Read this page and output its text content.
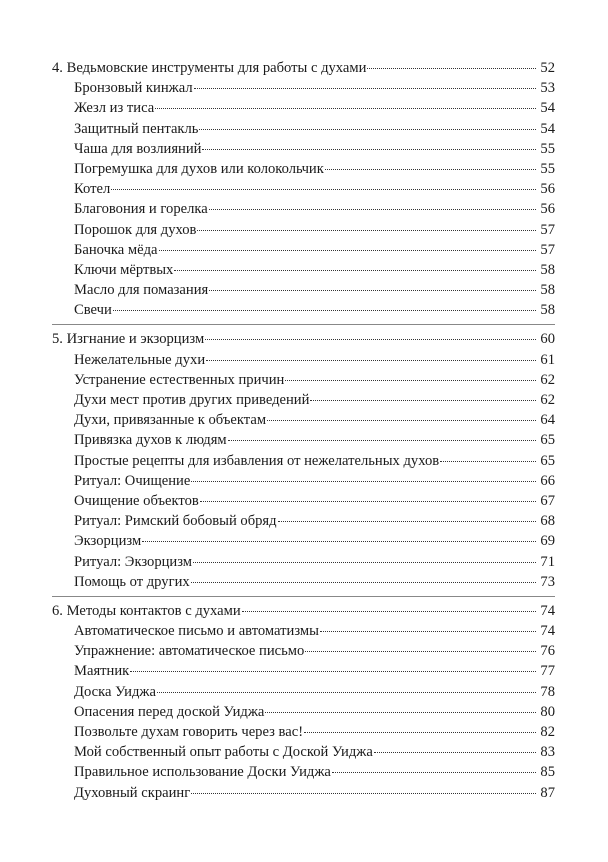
4. Ведьмовские инструменты для работы с духами	52
Бронзовый кинжал	53
Жезл из тиса	54
Защитный пентакль	54
Чаша для возлияний	55
Погремушка для духов или колокольчик	55
Котел	56
Благовония и горелка	56
Порошок для духов	57
Баночка мёда	57
Ключи мёртвых	58
Масло для помазания	58
Свечи	58
5. Изгнание и экзорцизм	60
Нежелательные духи	61
Устранение естественных причин	62
Духи мест против других приведений	62
Духи, привязанные к объектам	64
Привязка духов к людям	65
Простые рецепты для избавления от нежелательных духов	65
Ритуал: Очищение	66
Очищение объектов	67
Ритуал: Римский бобовый обряд	68
Экзорцизм	69
Ритуал: Экзорцизм	71
Помощь от других	73
6. Методы контактов с духами	74
Автоматическое письмо и автоматизмы	74
Упражнение: автоматическое письмо	76
Маятник	77
Доска Уиджа	78
Опасения перед доской Уиджа	80
Позвольте духам говорить через вас!	82
Мой собственный опыт работы с Доской Уиджа	83
Правильное использование Доски Уиджа	85
Духовный скраинг	87
